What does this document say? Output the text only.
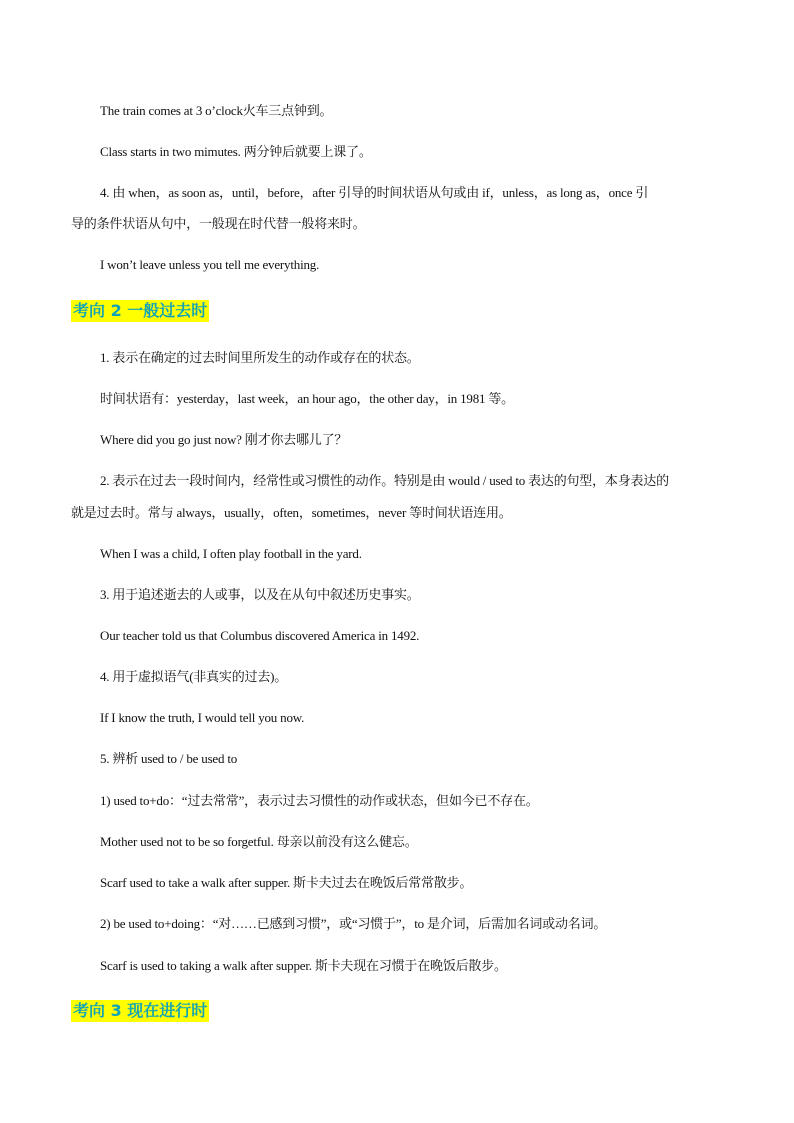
The train comes at 3 o’clock火车三点钟到。
Class starts in two mimutes. 两分钟后就要上课了。
4. 由 when，as soon as，until，before，after 引导的时间状语从句或由 if，unless，as long as，once 引
导的条件状语从句中，一般现在时代替一般将来时。
I won’t leave unless you tell me everything.
考向 2 一般过去时
1. 表示在确定的过去时间里所发生的动作或存在的状态。
时间状语有：yesterday，last week，an hour ago，the other day，in 1981 等。
Where did you go just now? 刚才你去哪儿了？
2. 表示在过去一段时间内，经常性或习惯性的动作。特别是由 would / used to 表达的句型，本身表达的
就是过去时。常与 always，usually，often，sometimes，never 等时间状语连用。
When I was a child, I often play football in the yard.
3. 用于追述逝去的人或事，以及在从句中叙述历史事实。
Our teacher told us that Columbus discovered America in 1492.
4. 用于虚拟语气(非真实的过去)。
If I know the truth, I would tell you now.
5. 辨析 used to / be used to
1) used to+do：“过去常常”，表示过去习惯性的动作或状态，但如今已不存在。
Mother used not to be so forgetful. 母亲以前没有这么健忘。
Scarf used to take a walk after supper. 斯卡夫过去在晚饭后常常散步。
2) be used to+doing：“对……已感到习惯”，或“习惯于”，to 是介词，后需加名词或动名词。
Scarf is used to taking a walk after supper. 斯卡夫现在习惯于在晚饭后散步。
考向 3 现在进行时
